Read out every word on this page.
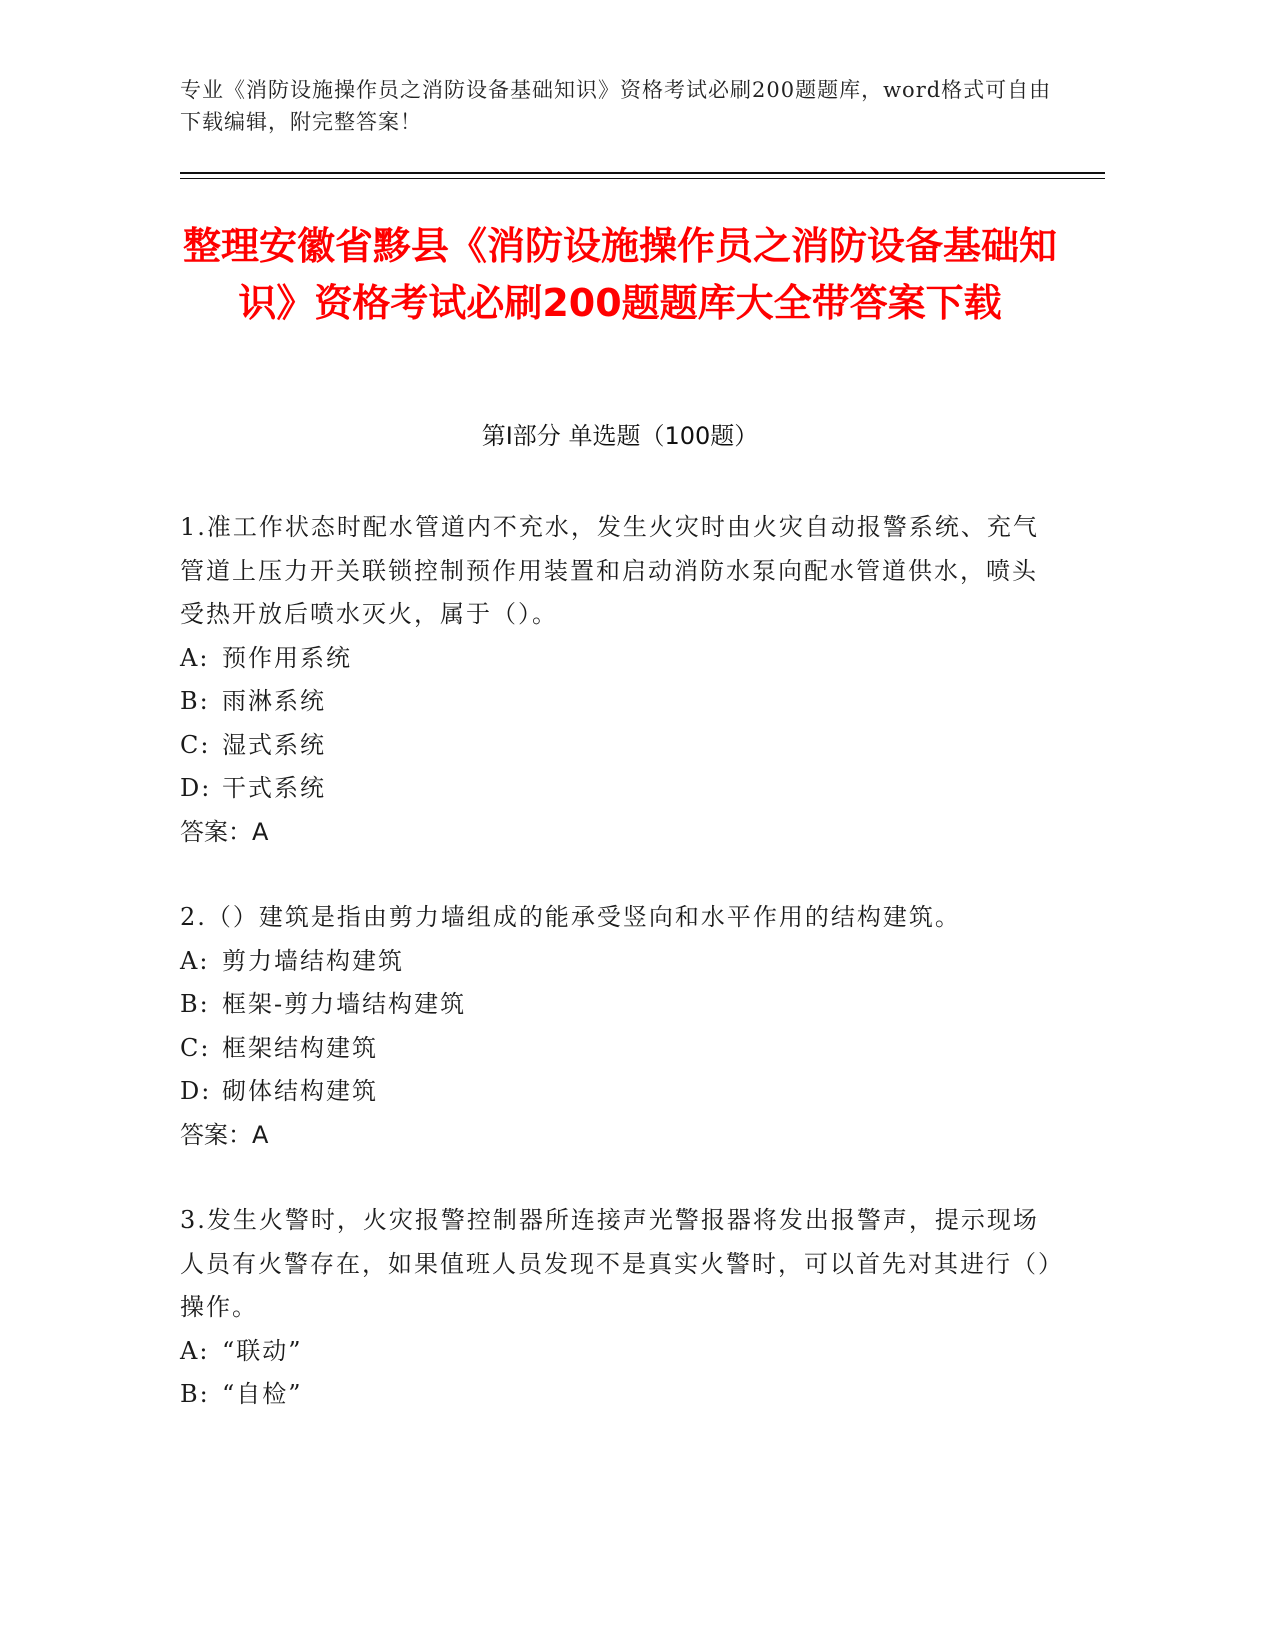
专业《消防设施操作员之消防设备基础知识》资格考试必刷200题题库，word格式可自由下载编辑，附完整答案！
整理安徽省黟县《消防设施操作员之消防设备基础知识》资格考试必刷200题题库大全带答案下载
第Ⅰ部分 单选题（100题）

1.准工作状态时配水管道内不充水，发生火灾时由火灾自动报警系统、充气管道上压力开关联锁控制预作用装置和启动消防水泵向配水管道供水，喷头受热开放后喷水灭火，属于（）。

A: 预作用系统

B: 雨淋系统

C: 湿式系统

D: 干式系统

答案：A

2.（）建筑是指由剪力墙组成的能承受竖向和水平作用的结构建筑。

A: 剪力墙结构建筑

B: 框架-剪力墙结构建筑

C: 框架结构建筑

D: 砌体结构建筑

答案：A

3.发生火警时，火灾报警控制器所连接声光警报器将发出报警声，提示现场人员有火警存在，如果值班人员发现不是真实火警时，可以首先对其进行（）操作。

A: “联动”

B: “自检”
